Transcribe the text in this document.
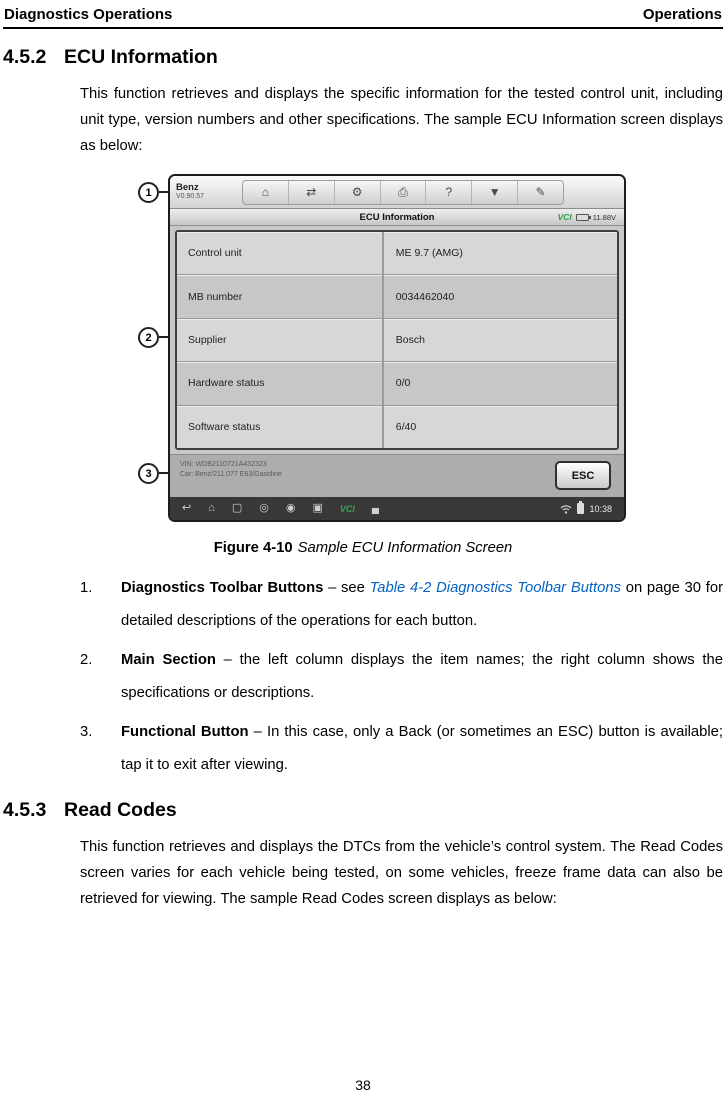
Diagnostics Operations	Operations
4.5.2 ECU Information

This function retrieves and displays the specific information for the tested control unit, including unit type, version numbers and other specifications. The sample ECU Information screen displays as below:

1
2
3
Benz
V0.90.57	⌂	⇄	⚙	⎙	?	▼	✎
ECU Information	VCI	11.88V
Control unit	ME 9.7 (AMG)
MB number	0034462040
Supplier	Bosch
Hardware status	0/0
Software status	6/40
VIN: WDB2110721A432323
Car: Benz/211.077 E63/Gasoline	ESC
↩ ⌂ ▢ ◎ ◉ ▣ VCI ▄	10:38

Figure 4-10 Sample ECU Information Screen

1.	Diagnostics Toolbar Buttons – see Table 4-2 Diagnostics Toolbar Buttons on page 30 for detailed descriptions of the operations for each button.
2.	Main Section – the left column displays the item names; the right column shows the specifications or descriptions.
3.	Functional Button – In this case, only a Back (or sometimes an ESC) button is available; tap it to exit after viewing.
4.5.3 Read Codes

This function retrieves and displays the DTCs from the vehicle’s control system. The Read Codes screen varies for each vehicle being tested, on some vehicles, freeze frame data can also be retrieved for viewing. The sample Read Codes screen displays as below:

38
